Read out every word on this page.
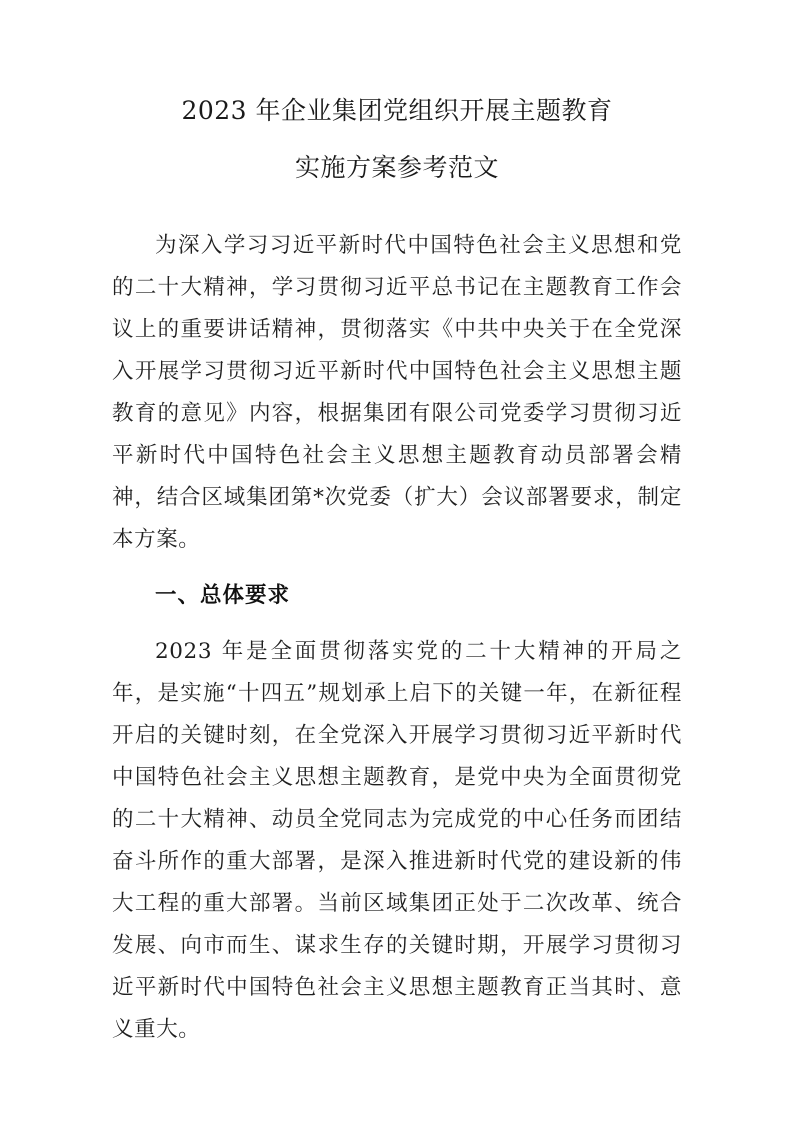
2023 年企业集团党组织开展主题教育
实施方案参考范文

为深入学习习近平新时代中国特色社会主义思想和党的二十大精神，学习贯彻习近平总书记在主题教育工作会议上的重要讲话精神，贯彻落实《中共中央关于在全党深入开展学习贯彻习近平新时代中国特色社会主义思想主题教育的意见》内容，根据集团有限公司党委学习贯彻习近平新时代中国特色社会主义思想主题教育动员部署会精神，结合区域集团第*次党委（扩大）会议部署要求，制定本方案。

一、总体要求

2023 年是全面贯彻落实党的二十大精神的开局之年，是实施“十四五”规划承上启下的关键一年，在新征程开启的关键时刻，在全党深入开展学习贯彻习近平新时代中国特色社会主义思想主题教育，是党中央为全面贯彻党的二十大精神、动员全党同志为完成党的中心任务而团结奋斗所作的重大部署，是深入推进新时代党的建设新的伟大工程的重大部署。当前区域集团正处于二次改革、统合发展、向市而生、谋求生存的关键时期，开展学习贯彻习近平新时代中国特色社会主义思想主题教育正当其时、意义重大。
